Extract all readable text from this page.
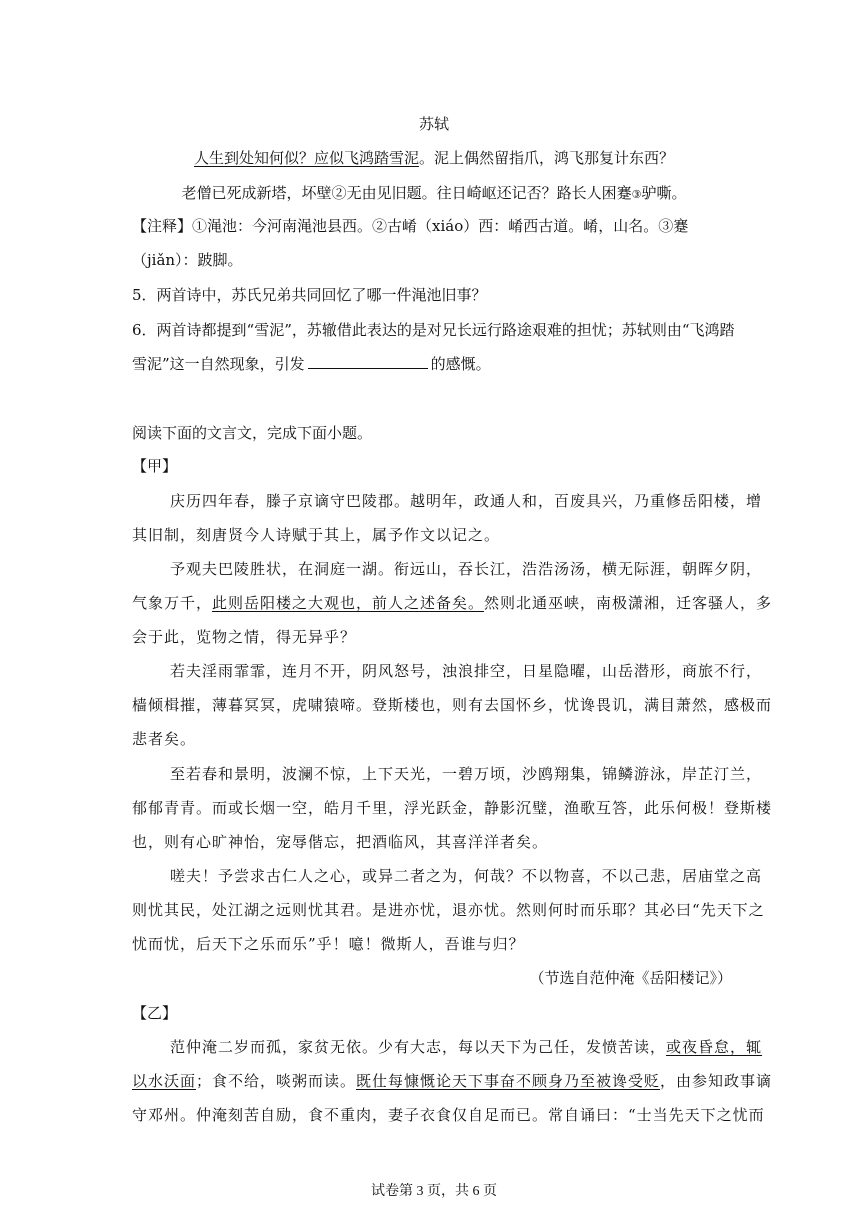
苏轼
人生到处知何似？应似飞鸿踏雪泥。泥上偶然留指爪，鸿飞那复计东西？
老僧已死成新塔，坏壁②无由见旧题。往日崎岖还记否？路长人困蹇③驴嘶。
【注释】①渑池：今河南渑池县西。②古崤（xiáo）西：崤西古道。崤，山名。③蹇
（jiǎn）：跛脚。
5．两首诗中，苏氏兄弟共同回忆了哪一件渑池旧事？
6．两首诗都提到“雪泥”，苏辙借此表达的是对兄长远行路途艰难的担忧；苏轼则由“飞鸿踏
雪泥”这一自然现象，引发	的感慨。
阅读下面的文言文，完成下面小题。
【甲】
庆历四年春，滕子京谪守巴陵郡。越明年，政通人和，百废具兴，乃重修岳阳楼，增
其旧制，刻唐贤今人诗赋于其上，属予作文以记之。
予观夫巴陵胜状，在洞庭一湖。衔远山，吞长江，浩浩汤汤，横无际涯，朝晖夕阴，
气象万千，此则岳阳楼之大观也，前人之述备矣。然则北通巫峡，南极潇湘，迁客骚人，多
会于此，览物之情，得无异乎？
若夫淫雨霏霏，连月不开，阴风怒号，浊浪排空，日星隐曜，山岳潜形，商旅不行，
樯倾楫摧，薄暮冥冥，虎啸猿啼。登斯楼也，则有去国怀乡，忧谗畏讥，满目萧然，感极而
悲者矣。
至若春和景明，波澜不惊，上下天光，一碧万顷，沙鸥翔集，锦鳞游泳，岸芷汀兰，
郁郁青青。而或长烟一空，皓月千里，浮光跃金，静影沉璧，渔歌互答，此乐何极！登斯楼
也，则有心旷神怡，宠辱偕忘，把酒临风，其喜洋洋者矣。
嗟夫！予尝求古仁人之心，或异二者之为，何哉？不以物喜，不以己悲，居庙堂之高
则忧其民，处江湖之远则忧其君。是进亦忧，退亦忧。然则何时而乐耶？其必曰“先天下之
忧而忧，后天下之乐而乐”乎！噫！微斯人，吾谁与归？
（节选自范仲淹《岳阳楼记》）
【乙】
范仲淹二岁而孤，家贫无依。少有大志，每以天下为己任，发愤苦读，或夜昏怠，辄
以水沃面；食不给，啖粥而读。既仕每慷慨论天下事奋不顾身乃至被谗受贬，由参知政事谪
守邓州。仲淹刻苦自励，食不重肉，妻子衣食仅自足而已。常自诵曰：“士当先天下之忧而
试卷第 3 页，共 6 页
